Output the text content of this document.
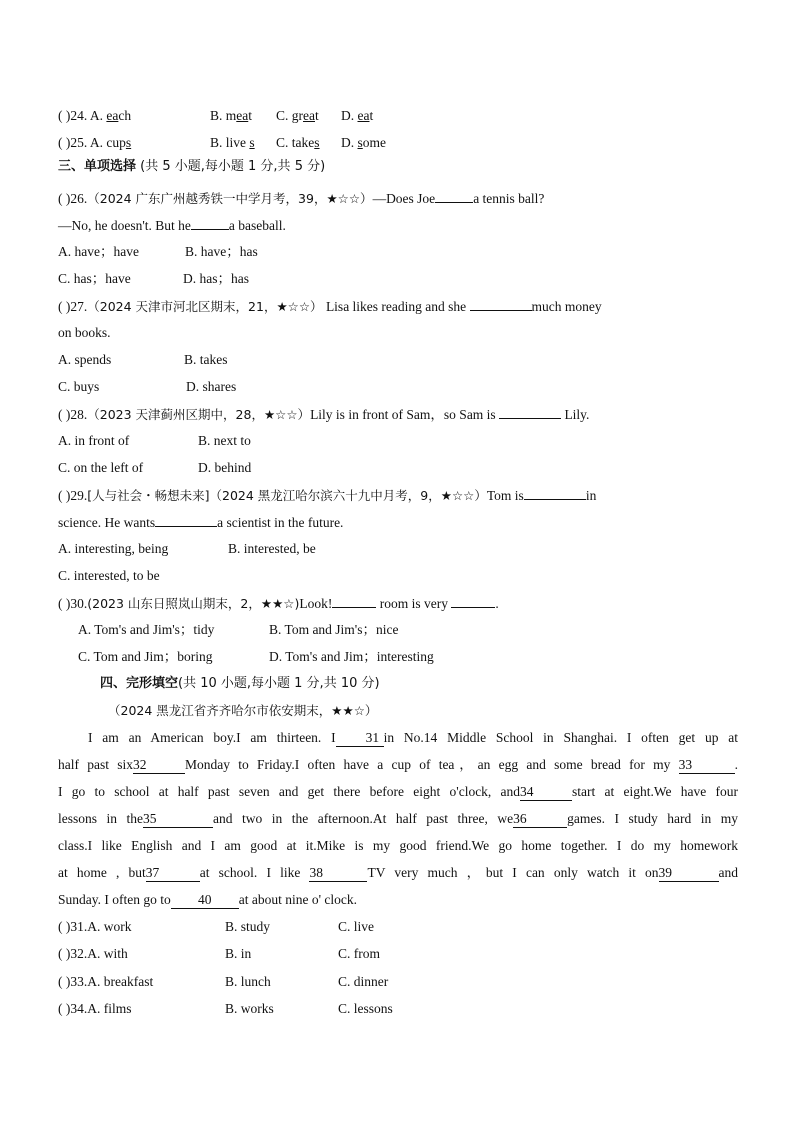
( )24. A. each	B. meat C. great D. eat
( )25. A. cups	B. live s C. takes D. some
三、单项选择 (共 5 小题,每小题 1 分,共 5 分)
( )26.（2024 广东广州越秀铁一中学月考，39，★☆☆）—Does Joe	a tennis ball?
—No, he doesn't. But he	a baseball.
A. have；have	B. have；has
C. has；have	D. has；has
( )27.（2024 天津市河北区期末，21，★☆☆） Lisa likes reading and she	much money
on books.
A. spends	B. takes
C. buys	D. shares
( )28.（2023 天津蓟州区期中，28，★☆☆）Lily is in front of Sam，so Sam is	Lily.
A. in front of	B. next to
C. on the left of	D. behind
( )29.[人与社会・畅想未来]（2024 黑龙江哈尔滨六十九中月考，9，★☆☆）Tom is	in
science. He wants	a scientist in the future.
A. interesting, being	B. interested, be
C. interested, to be
( )30.(2023 山东日照岚山期末，2，★★☆)Look!	room is very	.
A. Tom's and Jim's；tidy	B. Tom and Jim's；nice
C. Tom and Jim；boring	D. Tom's and Jim；interesting
四、完形填空(共 10 小题,每小题 1 分,共 10 分)
（2024 黑龙江省齐齐哈尔市依安期末，★★☆）
I am an American boy.I am thirteen. I 31 in No.14 Middle School in Shanghai. I often get up at
half past six32	Monday to Friday.I often have a cup of tea，an egg and some bread for my 33	.
I go to school at half past seven and get there before eight o'clock, and34	start at eight.We have four
lessons in the35	and two in the afternoon.At half past three, we36	games. I study hard in my
class.I like English and I am good at it.Mike is my good friend.We go home together. I do my homework
at home , but37	at school. I like 38	TV very much ，but I can only watch it on39	and
Sunday. I often go to 40 at about nine o' clock.
( )31.A. work	B. study	C. live
( )32.A. with	B. in	C. from
( )33.A. breakfast	B. lunch	C. dinner
( )34.A. films	B. works	C. lessons
